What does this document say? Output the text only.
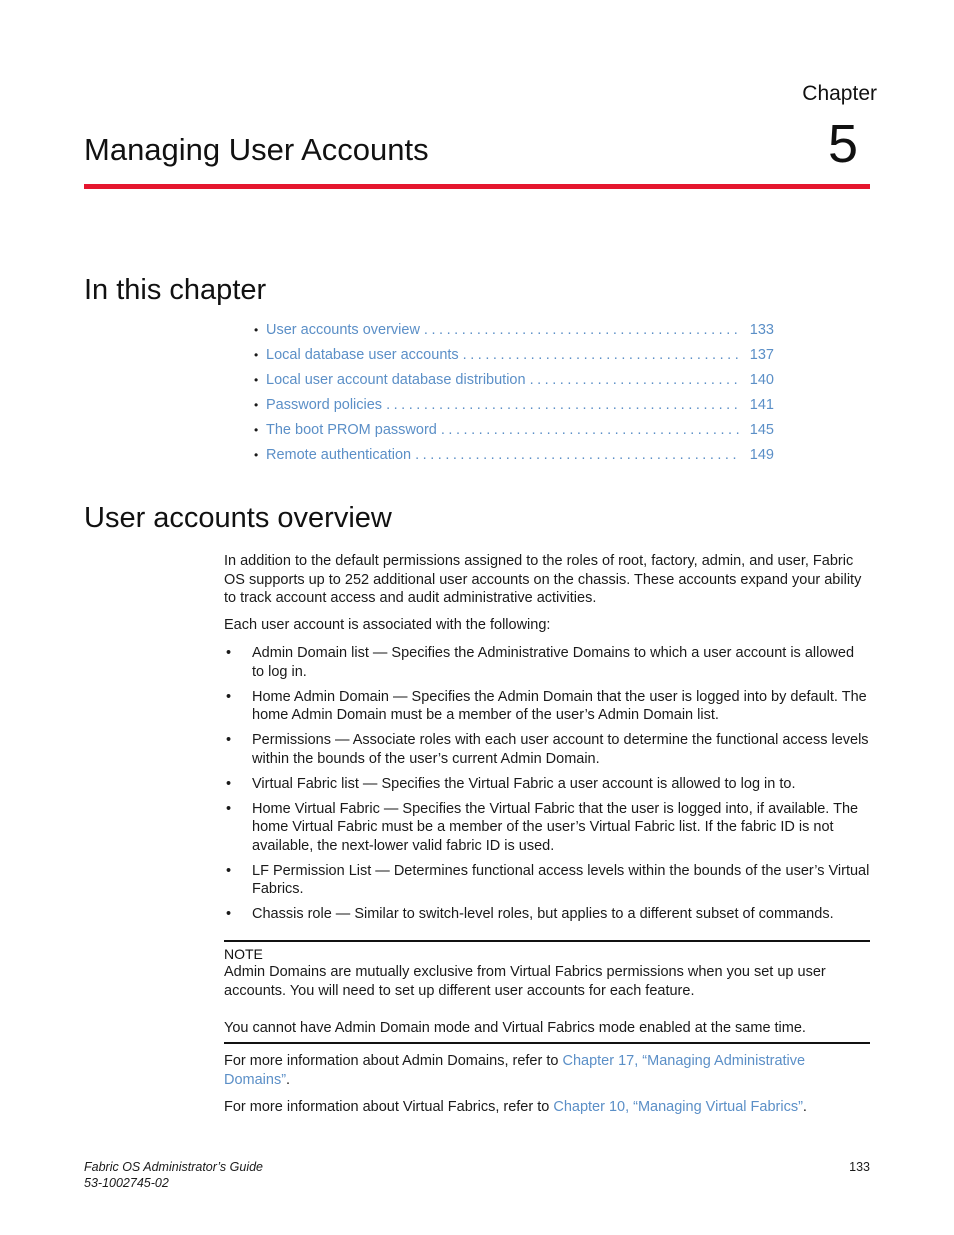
Chapter
5
Managing User Accounts
In this chapter
• User accounts overview . . .	133
• Local database user accounts . . .	137
• Local user account database distribution . . .	140
• Password policies . . .	141
• The boot PROM password . . .	145
• Remote authentication . . .	149
User accounts overview

In addition to the default permissions assigned to the roles of root, factory, admin, and user, Fabric OS supports up to 252 additional user accounts on the chassis. These accounts expand your ability to track account access and audit administrative activities.

Each user account is associated with the following:

• Admin Domain list — Specifies the Administrative Domains to which a user account is allowed to log in.
• Home Admin Domain — Specifies the Admin Domain that the user is logged into by default. The home Admin Domain must be a member of the user’s Admin Domain list.
• Permissions — Associate roles with each user account to determine the functional access levels within the bounds of the user’s current Admin Domain.
• Virtual Fabric list — Specifies the Virtual Fabric a user account is allowed to log in to.
• Home Virtual Fabric — Specifies the Virtual Fabric that the user is logged into, if available. The home Virtual Fabric must be a member of the user’s Virtual Fabric list. If the fabric ID is not available, the next-lower valid fabric ID is used.
• LF Permission List — Determines functional access levels within the bounds of the user’s Virtual Fabrics.
• Chassis role — Similar to switch-level roles, but applies to a different subset of commands.
NOTE

Admin Domains are mutually exclusive from Virtual Fabrics permissions when you set up user accounts. You will need to set up different user accounts for each feature.

You cannot have Admin Domain mode and Virtual Fabrics mode enabled at the same time.

For more information about Admin Domains, refer to Chapter 17, “Managing Administrative Domains”.

For more information about Virtual Fabrics, refer to Chapter 10, “Managing Virtual Fabrics”.

Fabric OS Administrator’s Guide
53-1002745-02
133
